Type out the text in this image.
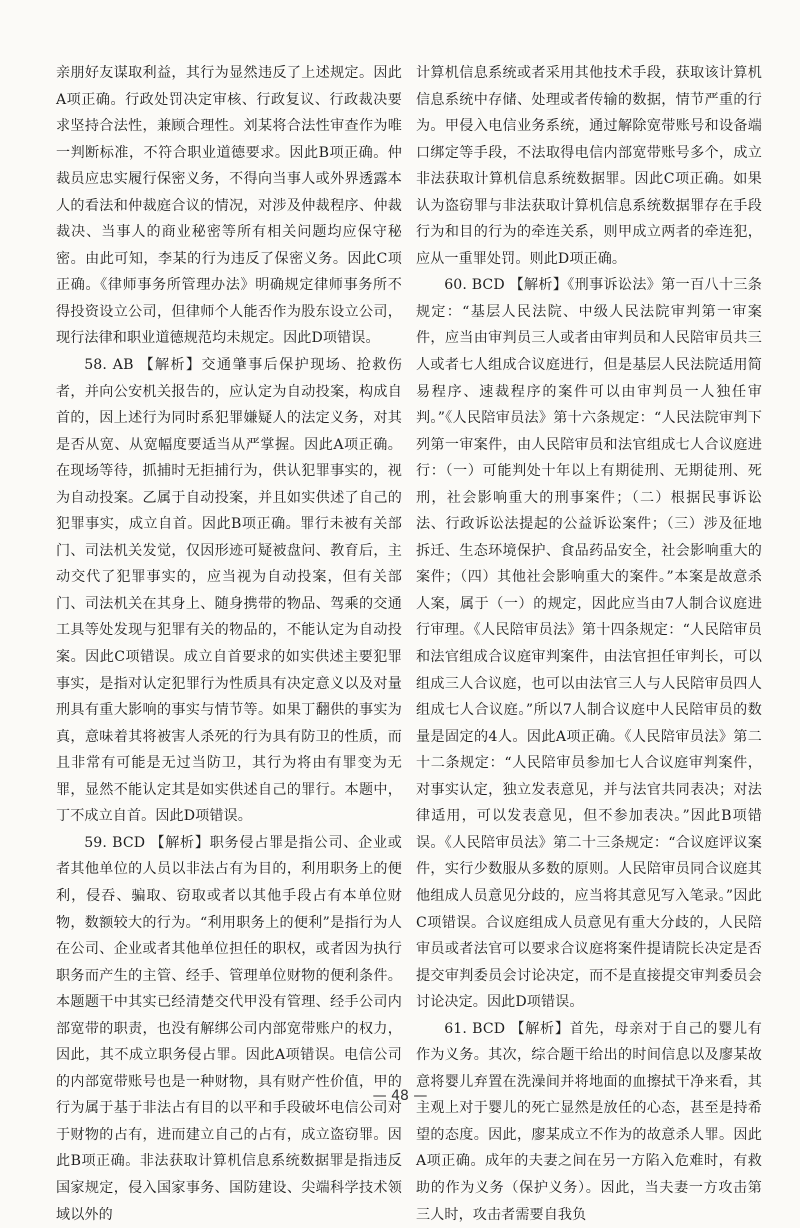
亲朋好友谋取利益，其行为显然违反了上述规定。因此A项正确。行政处罚决定审核、行政复议、行政裁决要求坚持合法性，兼顾合理性。刘某将合法性审查作为唯一判断标准，不符合职业道德要求。因此B项正确。仲裁员应忠实履行保密义务，不得向当事人或外界透露本人的看法和仲裁庭合议的情况，对涉及仲裁程序、仲裁裁决、当事人的商业秘密等所有相关问题均应保守秘密。由此可知，李某的行为违反了保密义务。因此C项正确。《律师事务所管理办法》明确规定律师事务所不得投资设立公司，但律师个人能否作为股东设立公司，现行法律和职业道德规范均未规定。因此D项错误。

58. AB 【解析】交通肇事后保护现场、抢救伤者，并向公安机关报告的，应认定为自动投案，构成自首的，因上述行为同时系犯罪嫌疑人的法定义务，对其是否从宽、从宽幅度要适当从严掌握。因此A项正确。在现场等待，抓捕时无拒捕行为，供认犯罪事实的，视为自动投案。乙属于自动投案，并且如实供述了自己的犯罪事实，成立自首。因此B项正确。罪行未被有关部门、司法机关发觉，仅因形迹可疑被盘问、教育后，主动交代了犯罪事实的，应当视为自动投案，但有关部门、司法机关在其身上、随身携带的物品、驾乘的交通工具等处发现与犯罪有关的物品的，不能认定为自动投案。因此C项错误。成立自首要求的如实供述主要犯罪事实，是指对认定犯罪行为性质具有决定意义以及对量刑具有重大影响的事实与情节等。如果丁翻供的事实为真，意味着其将被害人杀死的行为具有防卫的性质，而且非常有可能是无过当防卫，其行为将由有罪变为无罪，显然不能认定其是如实供述自己的罪行。本题中，丁不成立自首。因此D项错误。

59. BCD 【解析】职务侵占罪是指公司、企业或者其他单位的人员以非法占有为目的，利用职务上的便利，侵吞、骗取、窃取或者以其他手段占有本单位财物，数额较大的行为。“利用职务上的便利”是指行为人在公司、企业或者其他单位担任的职权，或者因为执行职务而产生的主管、经手、管理单位财物的便利条件。本题题干中其实已经清楚交代甲没有管理、经手公司内部宽带的职责，也没有解绑公司内部宽带账户的权力，因此，其不成立职务侵占罪。因此A项错误。电信公司的内部宽带账号也是一种财物，具有财产性价值，甲的行为属于基于非法占有目的以平和手段破坏电信公司对于财物的占有，进而建立自己的占有，成立盗窃罪。因此B项正确。非法获取计算机信息系统数据罪是指违反国家规定，侵入国家事务、国防建设、尖端科学技术领域以外的

计算机信息系统或者采用其他技术手段，获取该计算机信息系统中存储、处理或者传输的数据，情节严重的行为。甲侵入电信业务系统，通过解除宽带账号和设备端口绑定等手段，不法取得电信内部宽带账号多个，成立非法获取计算机信息系统数据罪。因此C项正确。如果认为盗窃罪与非法获取计算机信息系统数据罪存在手段行为和目的行为的牵连关系，则甲成立两者的牵连犯，应从一重罪处罚。则此D项正确。

60. BCD 【解析】《刑事诉讼法》第一百八十三条规定：“基层人民法院、中级人民法院审判第一审案件，应当由审判员三人或者由审判员和人民陪审员共三人或者七人组成合议庭进行，但是基层人民法院适用简易程序、速裁程序的案件可以由审判员一人独任审判。”《人民陪审员法》第十六条规定：“人民法院审判下列第一审案件，由人民陪审员和法官组成七人合议庭进行：（一）可能判处十年以上有期徒刑、无期徒刑、死刑，社会影响重大的刑事案件；（二）根据民事诉讼法、行政诉讼法提起的公益诉讼案件；（三）涉及征地拆迁、生态环境保护、食品药品安全，社会影响重大的案件；（四）其他社会影响重大的案件。”本案是故意杀人案，属于（一）的规定，因此应当由7人制合议庭进行审理。《人民陪审员法》第十四条规定：“人民陪审员和法官组成合议庭审判案件，由法官担任审判长，可以组成三人合议庭，也可以由法官三人与人民陪审员四人组成七人合议庭。”所以7人制合议庭中人民陪审员的数量是固定的4人。因此A项正确。《人民陪审员法》第二十二条规定：“人民陪审员参加七人合议庭审判案件，对事实认定，独立发表意见，并与法官共同表决；对法律适用，可以发表意见，但不参加表决。”因此B项错误。《人民陪审员法》第二十三条规定：“合议庭评议案件，实行少数服从多数的原则。人民陪审员同合议庭其他组成人员意见分歧的，应当将其意见写入笔录。”因此C项错误。合议庭组成人员意见有重大分歧的，人民陪审员或者法官可以要求合议庭将案件提请院长决定是否提交审判委员会讨论决定，而不是直接提交审判委员会讨论决定。因此D项错误。

61. BCD 【解析】首先，母亲对于自己的婴儿有作为义务。其次，综合题干给出的时间信息以及廖某故意将婴儿弃置在洗澡间并将地面的血擦拭干净来看，其主观上对于婴儿的死亡显然是放任的心态，甚至是持希望的态度。因此，廖某成立不作为的故意杀人罪。因此A项正确。成年的夫妻之间在另一方陷入危难时，有救助的作为义务（保护义务）。因此，当夫妻一方攻击第三人时，攻击者需要自我负

— 48 —
